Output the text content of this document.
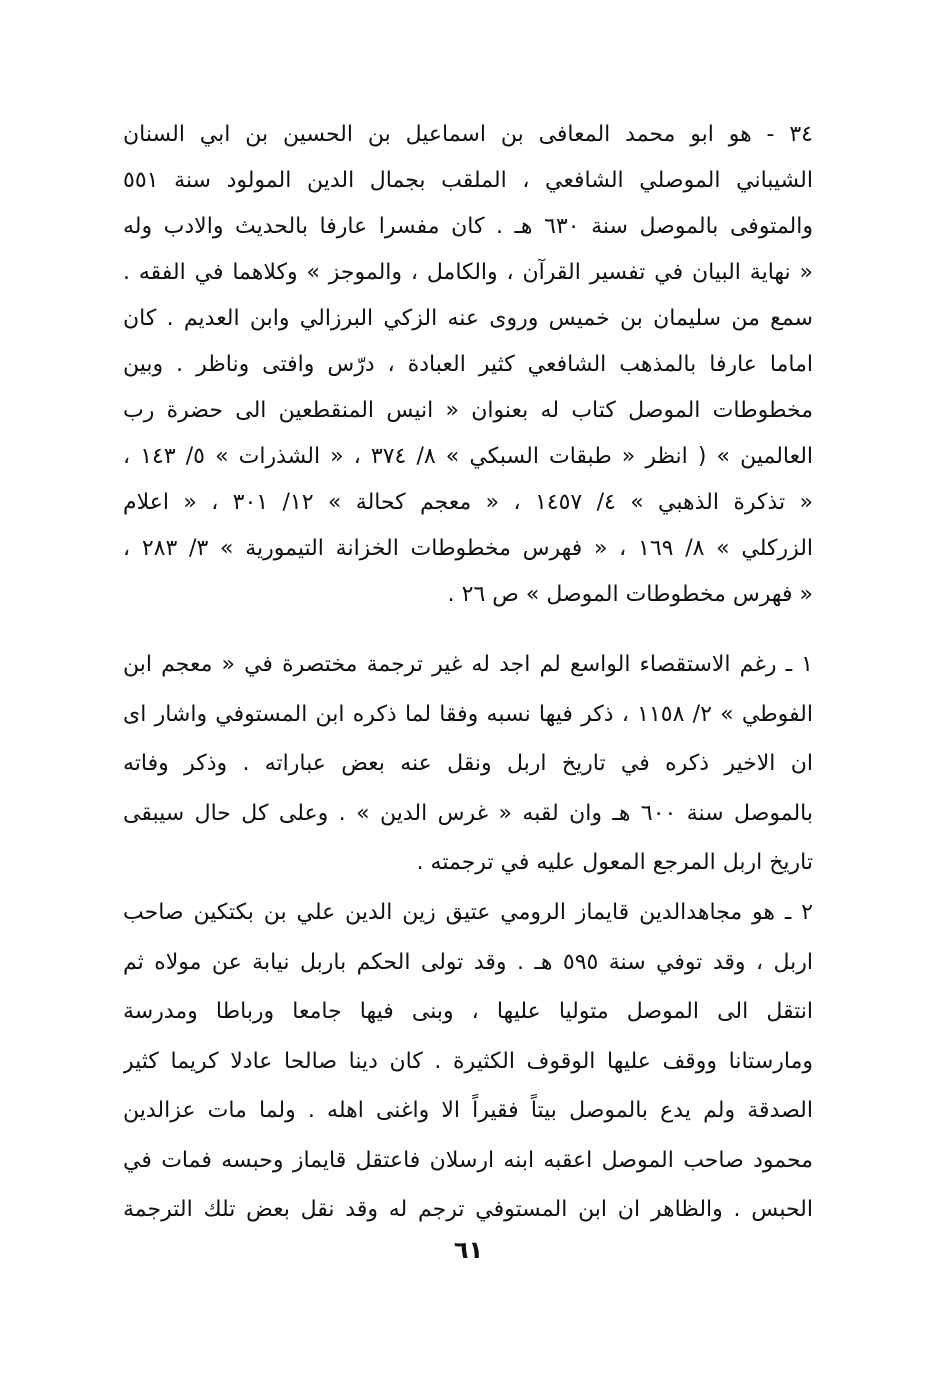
٣٤ - هو ابو محمد المعافى بن اسماعيل بن الحسين بن ابي السنان
الشيباني الموصلي الشافعي ، الملقب بجمال الدين المولود سنة ٥٥١
والمتوفى بالموصل سنة ٦٣٠ هـ . كان مفسرا عارفا بالحديث والادب وله
« نهاية البيان في تفسير القرآن ، والكامل ، والموجز » وكلاهما في الفقه .
سمع من سليمان بن خميس وروى عنه الزكي البرزالي وابن العديم . كان
اماما عارفا بالمذهب الشافعي كثير العبادة ، درّس وافتى وناظر . وبين
مخطوطات الموصل كتاب له بعنوان « انيس المنقطعين الى حضرة رب
العالمين » ( انظر « طبقات السبكي » ٨/ ٣٧٤ ، « الشذرات » ٥/ ١٤٣ ،
« تذكرة الذهبي » ٤/ ١٤٥٧ ، « معجم كحالة » ١٢/ ٣٠١ ، « اعلام
الزركلي » ٨/ ١٦٩ ، « فهرس مخطوطات الخزانة التيمورية » ٣/ ٢٨٣ ،
« فهرس مخطوطات الموصل » ص ٢٦ .
١ ـ رغم الاستقصاء الواسع لم اجد له غير ترجمة مختصرة في « معجم ابن
الفوطي » ٢/ ١١٥٨ ، ذكر فيها نسبه وفقا لما ذكره ابن المستوفي واشار اى
ان الاخير ذكره في تاريخ اربل ونقل عنه بعض عباراته . وذكر وفاته
بالموصل سنة ٦٠٠ هـ وان لقبه « غرس الدين » . وعلى كل حال سيبقى
تاريخ اربل المرجع المعول عليه في ترجمته .
٢ ـ هو مجاهدالدين قايماز الرومي عتيق زين الدين علي بن بكتكين صاحب
اربل ، وقد توفي سنة ٥٩٥ هـ . وقد تولى الحكم باربل نيابة عن مولاه ثم
انتقل الى الموصل متوليا عليها ، وبنى فيها جامعا ورباطا ومدرسة
ومارستانا ووقف عليها الوقوف الكثيرة . كان دينا صالحا عادلا كريما كثير
الصدقة ولم يدع بالموصل بيتاً فقيراً الا واغنى اهله . ولما مات عزالدين
محمود صاحب الموصل اعقبه ابنه ارسلان فاعتقل قايماز وحبسه فمات في
الحبس . والظاهر ان ابن المستوفي ترجم له وقد نقل بعض تلك الترجمة
٦١
